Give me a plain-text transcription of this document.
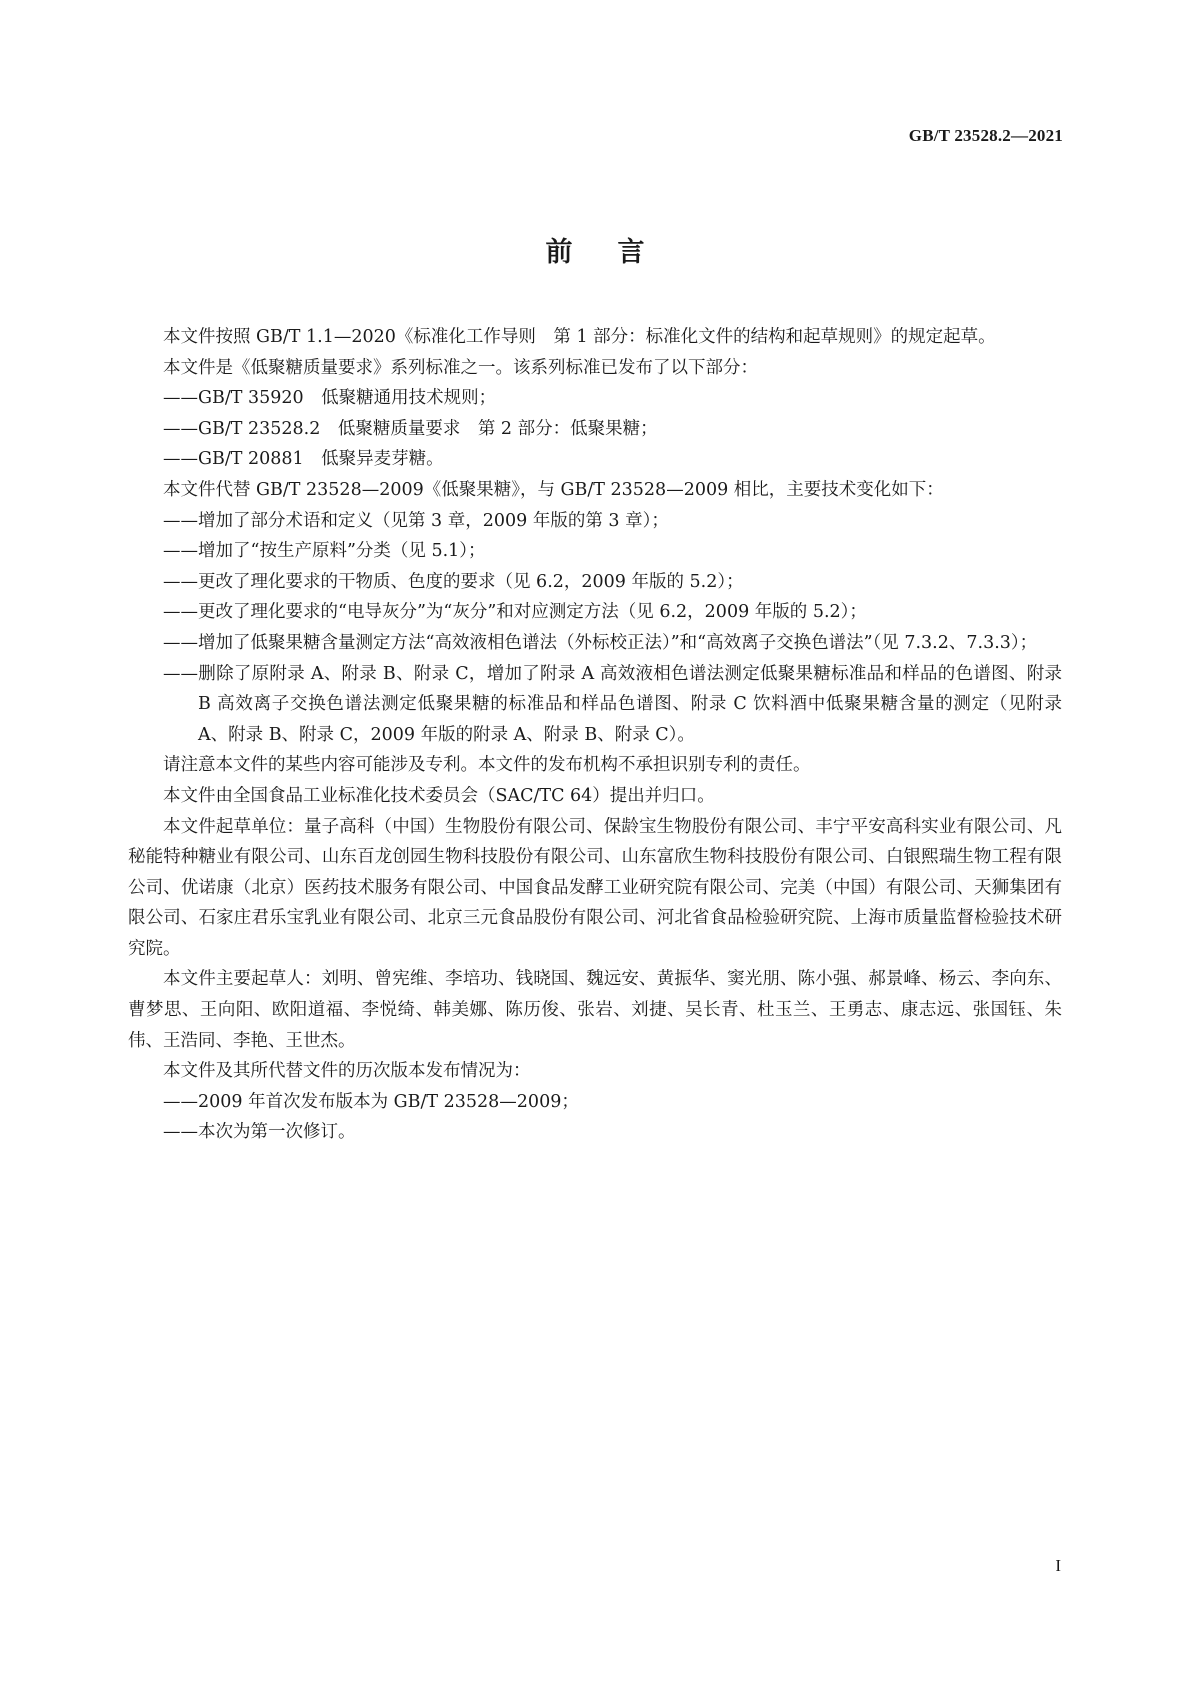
GB/T 23528.2—2021
前 言

本文件按照 GB/T 1.1—2020《标准化工作导则　第 1 部分：标准化文件的结构和起草规则》的规定起草。

本文件是《低聚糖质量要求》系列标准之一。该系列标准已发布了以下部分：

——GB/T 35920　低聚糖通用技术规则；

——GB/T 23528.2　低聚糖质量要求　第 2 部分：低聚果糖；

——GB/T 20881　低聚异麦芽糖。

本文件代替 GB/T 23528—2009《低聚果糖》，与 GB/T 23528—2009 相比，主要技术变化如下：

——增加了部分术语和定义（见第 3 章，2009 年版的第 3 章）；

——增加了“按生产原料”分类（见 5.1）；

——更改了理化要求的干物质、色度的要求（见 6.2，2009 年版的 5.2）；

——更改了理化要求的“电导灰分”为“灰分”和对应测定方法（见 6.2，2009 年版的 5.2）；

——增加了低聚果糖含量测定方法“高效液相色谱法（外标校正法）”和“高效离子交换色谱法”（见 7.3.2、7.3.3）；

——删除了原附录 A、附录 B、附录 C，增加了附录 A 高效液相色谱法测定低聚果糖标准品和样品的色谱图、附录 B 高效离子交换色谱法测定低聚果糖的标准品和样品色谱图、附录 C 饮料酒中低聚果糖含量的测定（见附录 A、附录 B、附录 C，2009 年版的附录 A、附录 B、附录 C）。

请注意本文件的某些内容可能涉及专利。本文件的发布机构不承担识别专利的责任。

本文件由全国食品工业标准化技术委员会（SAC/TC 64）提出并归口。

本文件起草单位：量子高科（中国）生物股份有限公司、保龄宝生物股份有限公司、丰宁平安高科实业有限公司、凡秘能特种糖业有限公司、山东百龙创园生物科技股份有限公司、山东富欣生物科技股份有限公司、白银熙瑞生物工程有限公司、优诺康（北京）医药技术服务有限公司、中国食品发酵工业研究院有限公司、完美（中国）有限公司、天狮集团有限公司、石家庄君乐宝乳业有限公司、北京三元食品股份有限公司、河北省食品检验研究院、上海市质量监督检验技术研究院。

本文件主要起草人：刘明、曾宪维、李培功、钱晓国、魏远安、黄振华、窦光朋、陈小强、郝景峰、杨云、李向东、曹梦思、王向阳、欧阳道福、李悦绮、韩美娜、陈历俊、张岩、刘捷、吴长青、杜玉兰、王勇志、康志远、张国钰、朱伟、王浩同、李艳、王世杰。

本文件及其所代替文件的历次版本发布情况为：

——2009 年首次发布版本为 GB/T 23528—2009；

——本次为第一次修订。

I
